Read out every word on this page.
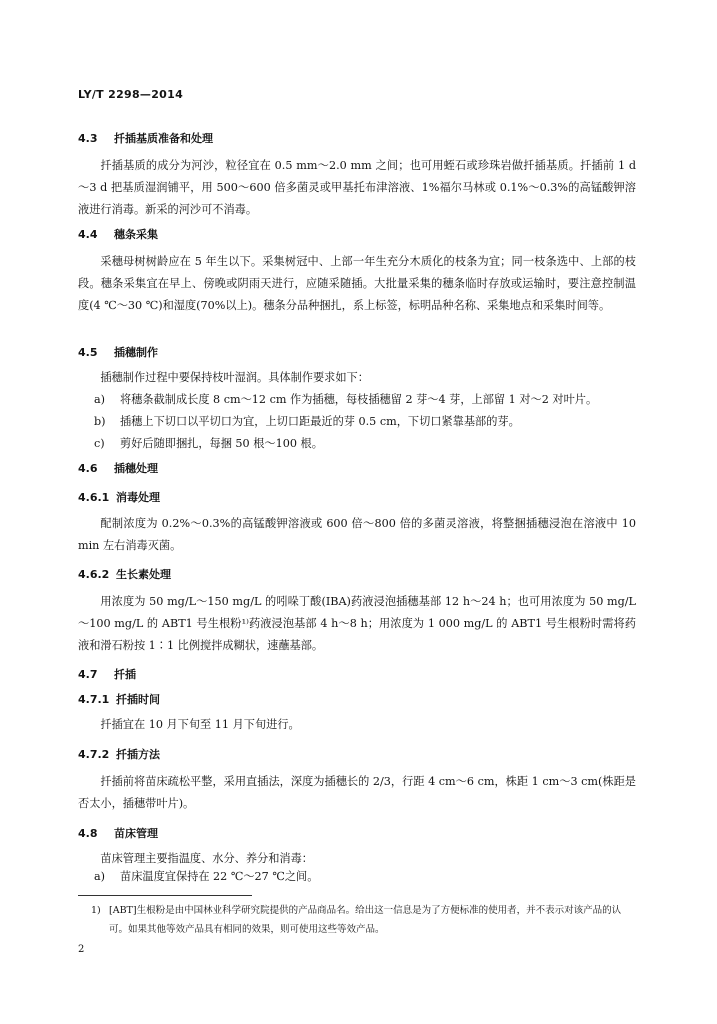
LY/T 2298—2014
4.3 扦插基质准备和处理
扦插基质的成分为河沙，粒径宜在 0.5 mm～2.0 mm 之间；也可用蛭石或珍珠岩做扦插基质。扦插前 1 d～3 d 把基质湿润铺平，用 500～600 倍多菌灵或甲基托布津溶液、1%福尔马林或 0.1%～0.3%的高锰酸钾溶液进行消毒。新采的河沙可不消毒。
4.4 穗条采集
采穗母树树龄应在 5 年生以下。采集树冠中、上部一年生充分木质化的枝条为宜；同一枝条选中、上部的枝段。穗条采集宜在早上、傍晚或阴雨天进行，应随采随插。大批量采集的穗条临时存放或运输时，要注意控制温度(4 ℃～30 ℃)和湿度(70%以上)。穗条分品种捆扎，系上标签，标明品种名称、采集地点和采集时间等。
4.5 插穗制作
插穗制作过程中要保持枝叶湿润。具体制作要求如下：
a) 将穗条截制成长度 8 cm～12 cm 作为插穗，每枝插穗留 2 芽～4 芽，上部留 1 对～2 对叶片。
b) 插穗上下切口以平切口为宜，上切口距最近的芽 0.5 cm，下切口紧靠基部的芽。
c) 剪好后随即捆扎，每捆 50 根～100 根。
4.6 插穗处理
4.6.1 消毒处理
配制浓度为 0.2%～0.3%的高锰酸钾溶液或 600 倍～800 倍的多菌灵溶液，将整捆插穗浸泡在溶液中 10 min 左右消毒灭菌。
4.6.2 生长素处理
用浓度为 50 mg/L～150 mg/L 的吲哚丁酸(IBA)药液浸泡插穗基部 12 h～24 h；也可用浓度为 50 mg/L～100 mg/L 的 ABT1 号生根粉¹⁾药液浸泡基部 4 h～8 h；用浓度为 1 000 mg/L 的 ABT1 号生根粉时需将药液和滑石粉按 1∶1 比例搅拌成糊状，速蘸基部。
4.7 扦插
4.7.1 扦插时间
扦插宜在 10 月下旬至 11 月下旬进行。
4.7.2 扦插方法
扦插前将苗床疏松平整，采用直插法，深度为插穗长的 2/3，行距 4 cm～6 cm，株距 1 cm～3 cm(株距是否太小，插穗带叶片)。
4.8 苗床管理
苗床管理主要指温度、水分、养分和消毒：
a) 苗床温度宜保持在 22 ℃～27 ℃之间。
1) [ABT]生根粉是由中国林业科学研究院提供的产品商品名。给出这一信息是为了方便标准的使用者，并不表示对该产品的认可。如果其他等效产品具有相同的效果，则可使用这些等效产品。
2
